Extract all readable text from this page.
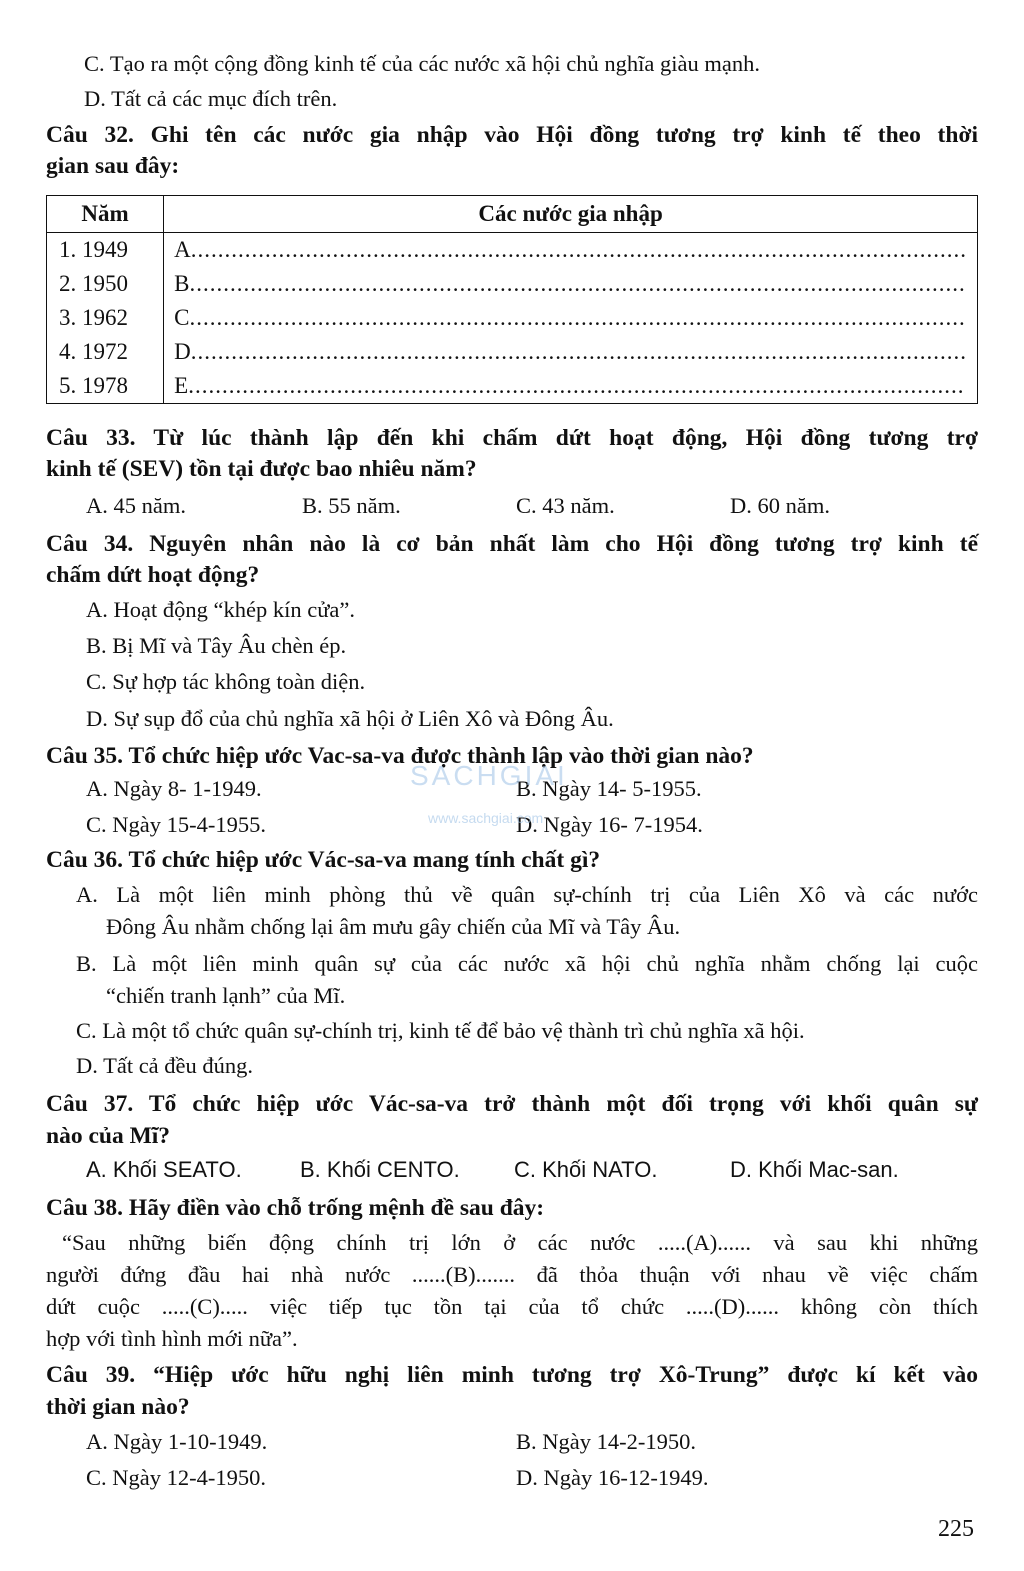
C. Tạo ra một cộng đồng kinh tế của các nước xã hội chủ nghĩa giàu mạnh.
D. Tất cả các mục đích trên.
Câu 32. Ghi tên các nước gia nhập vào Hội đồng tương trợ kinh tế theo thời
gian sau đây:
Năm	Các nước gia nhập
1. 1949	A...................................................................................................................
2. 1950	B...................................................................................................................
3. 1962	C...................................................................................................................
4. 1972	D...................................................................................................................
5. 1978	E...................................................................................................................
Câu 33. Từ lúc thành lập đến khi chấm dứt hoạt động, Hội đồng tương trợ
kinh tế (SEV) tồn tại được bao nhiêu năm?
A. 45 năm.	B. 55 năm.	C. 43 năm.	D. 60 năm.
Câu 34. Nguyên nhân nào là cơ bản nhất làm cho Hội đồng tương trợ kinh tế
chấm dứt hoạt động?
A. Hoạt động “khép kín cửa”.
B. Bị Mĩ và Tây Âu chèn ép.
C. Sự hợp tác không toàn diện.
D. Sự sụp đổ của chủ nghĩa xã hội ở Liên Xô và Đông Âu.
Câu 35. Tổ chức hiệp ước Vac-sa-va được thành lập vào thời gian nào?
A. Ngày 8- 1-1949.	B. Ngày 14- 5-1955.
C. Ngày 15-4-1955.	D. Ngày 16- 7-1954.
SACHGIAI
www.sachgiai.com
Câu 36. Tổ chức hiệp ước Vác-sa-va mang tính chất gì?
A. Là một liên minh phòng thủ về quân sự-chính trị của Liên Xô và các nước
Đông Âu nhằm chống lại âm mưu gây chiến của Mĩ và Tây Âu.
B. Là một liên minh quân sự của các nước xã hội chủ nghĩa nhằm chống lại cuộc
“chiến tranh lạnh” của Mĩ.
C. Là một tổ chức quân sự-chính trị, kinh tế để bảo vệ thành trì chủ nghĩa xã hội.
D. Tất cả đều đúng.
Câu 37. Tổ chức hiệp ước Vác-sa-va trở thành một đối trọng với khối quân sự
nào của Mĩ?
A. Khối SEATO.	B. Khối CENTO. C. Khối NATO.	D. Khối Mac-san.
Câu 38. Hãy điền vào chỗ trống mệnh đề sau đây:
“Sau những biến động chính trị lớn ở các nước .....(A)...... và sau khi những
người đứng đầu hai nhà nước ......(B)....... đã thỏa thuận với nhau về việc chấm
dứt cuộc .....(C)..... việc tiếp tục tồn tại của tổ chức .....(D)...... không còn thích
hợp với tình hình mới nữa”.
Câu 39. “Hiệp ước hữu nghị liên minh tương trợ Xô-Trung” được kí kết vào
thời gian nào?
A. Ngày 1-10-1949.	B. Ngày 14-2-1950.
C. Ngày 12-4-1950.	D. Ngày 16-12-1949.
225
